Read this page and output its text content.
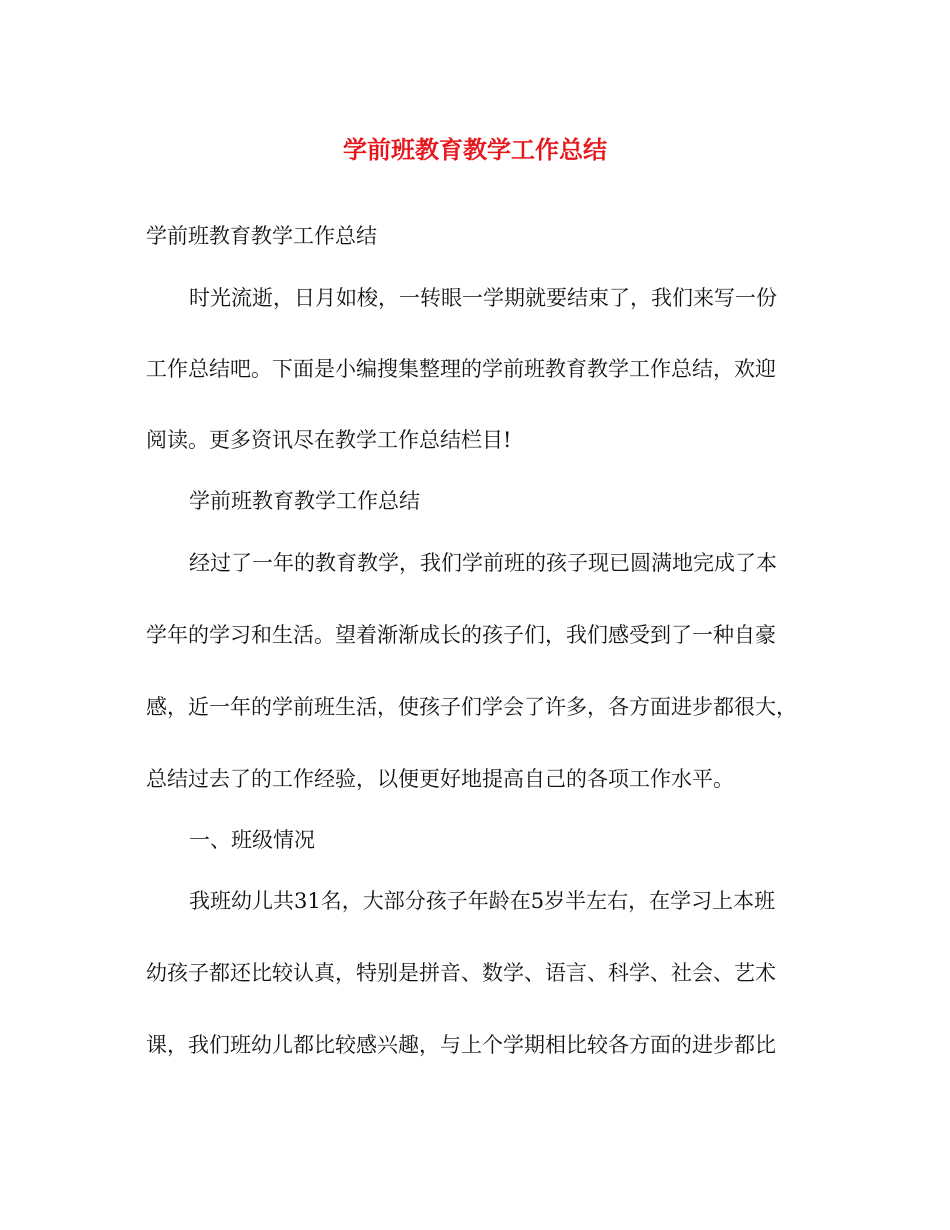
学前班教育教学工作总结
学前班教育教学工作总结
时光流逝，日月如梭，一转眼一学期就要结束了，我们来写一份
工作总结吧。下面是小编搜集整理的学前班教育教学工作总结，欢迎
阅读。更多资讯尽在教学工作总结栏目!
学前班教育教学工作总结
经过了一年的教育教学，我们学前班的孩子现已圆满地完成了本
学年的学习和生活。望着渐渐成长的孩子们，我们感受到了一种自豪
感，近一年的学前班生活，使孩子们学会了许多，各方面进步都很大，
总结过去了的工作经验，以便更好地提高自己的各项工作水平。
一、班级情况
我班幼儿共31名，大部分孩子年龄在5岁半左右，在学习上本班
幼孩子都还比较认真，特别是拼音、数学、语言、科学、社会、艺术
课，我们班幼儿都比较感兴趣，与上个学期相比较各方面的进步都比
